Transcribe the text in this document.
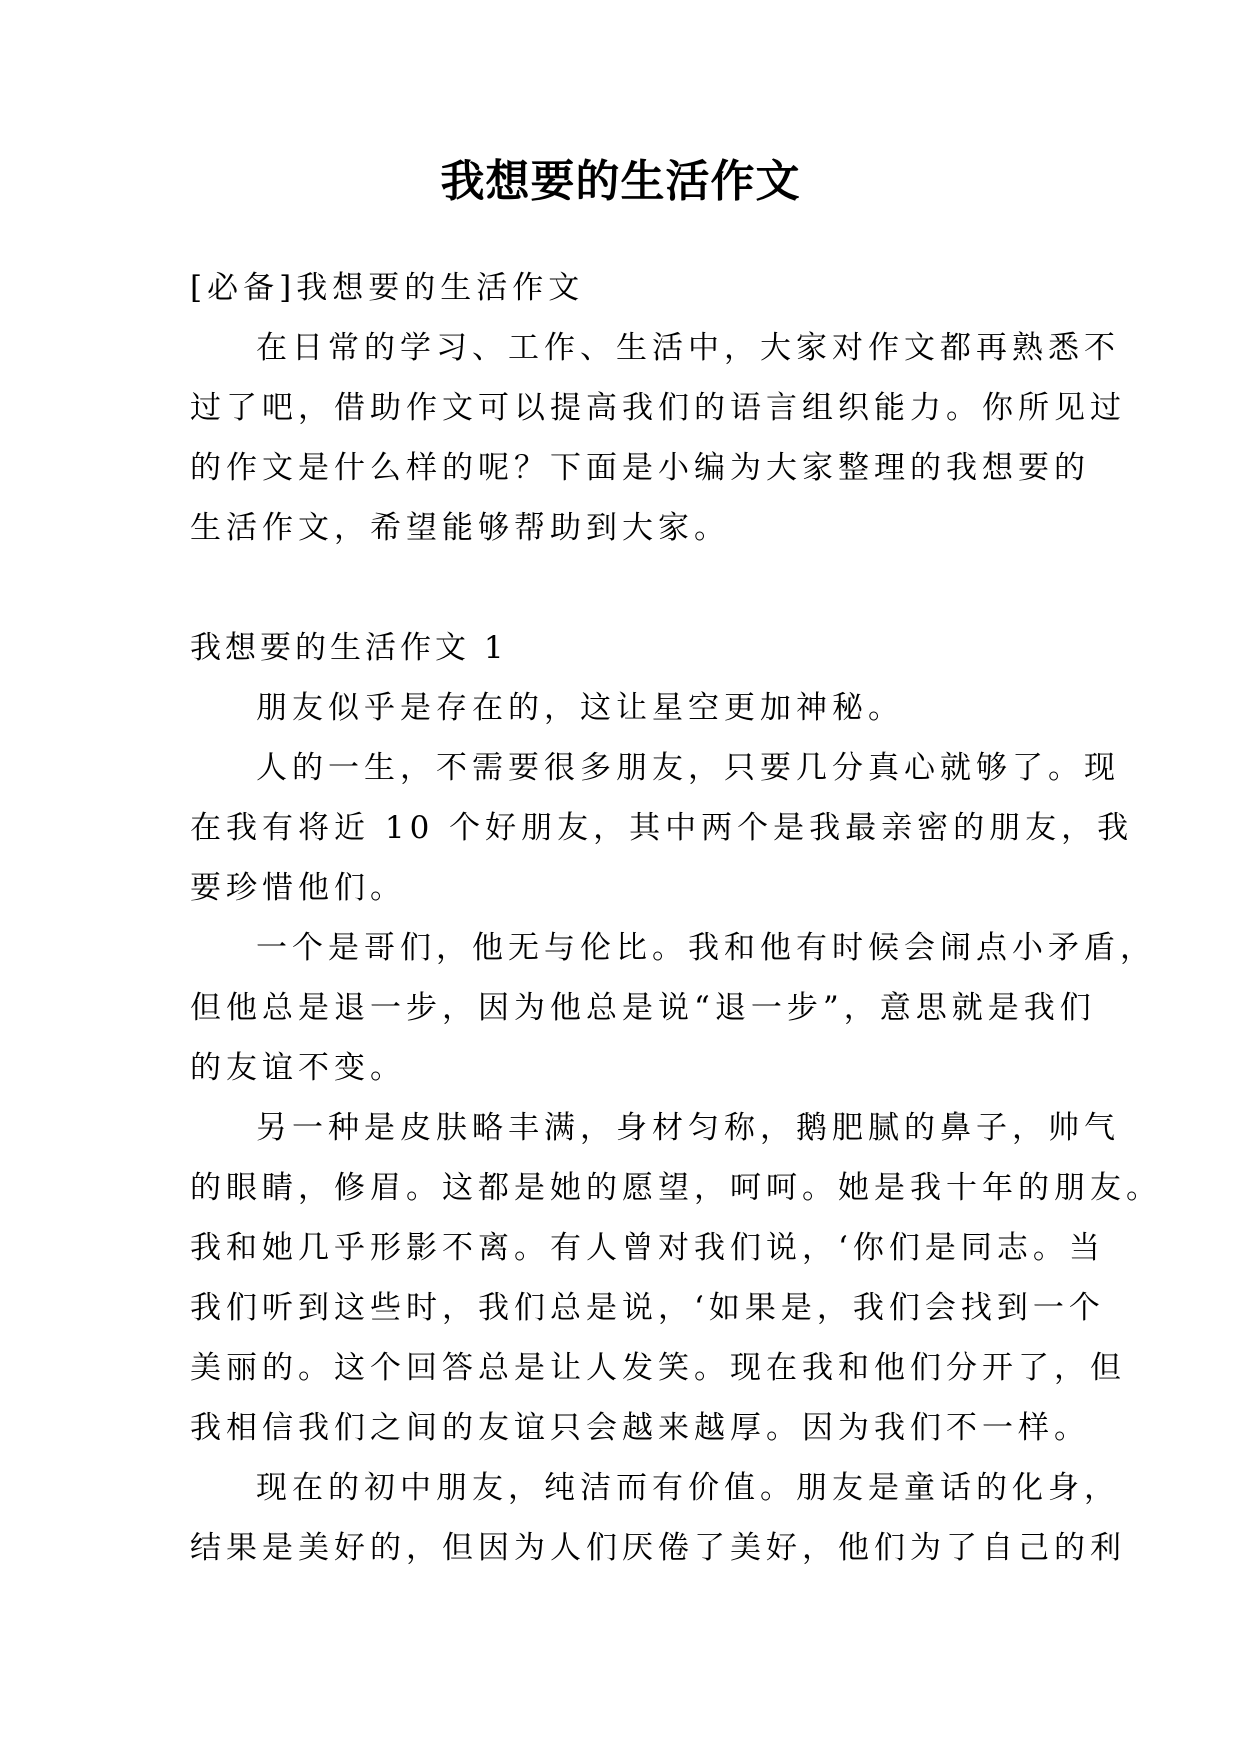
我想要的生活作文
[必备]我想要的生活作文
在日常的学习、工作、生活中，大家对作文都再熟悉不
过了吧，借助作文可以提高我们的语言组织能力。你所见过
的作文是什么样的呢？下面是小编为大家整理的我想要的
生活作文，希望能够帮助到大家。
我想要的生活作文 1
朋友似乎是存在的，这让星空更加神秘。
人的一生，不需要很多朋友，只要几分真心就够了。现
在我有将近 10 个好朋友，其中两个是我最亲密的朋友，我
要珍惜他们。
一个是哥们，他无与伦比。我和他有时候会闹点小矛盾，
但他总是退一步，因为他总是说“退一步”，意思就是我们
的友谊不变。
另一种是皮肤略丰满，身材匀称，鹅肥腻的鼻子，帅气
的眼睛，修眉。这都是她的愿望，呵呵。她是我十年的朋友。
我和她几乎形影不离。有人曾对我们说，‘你们是同志。当
我们听到这些时，我们总是说，‘如果是，我们会找到一个
美丽的。这个回答总是让人发笑。现在我和他们分开了，但
我相信我们之间的友谊只会越来越厚。因为我们不一样。
现在的初中朋友，纯洁而有价值。朋友是童话的化身，
结果是美好的，但因为人们厌倦了美好，他们为了自己的利
